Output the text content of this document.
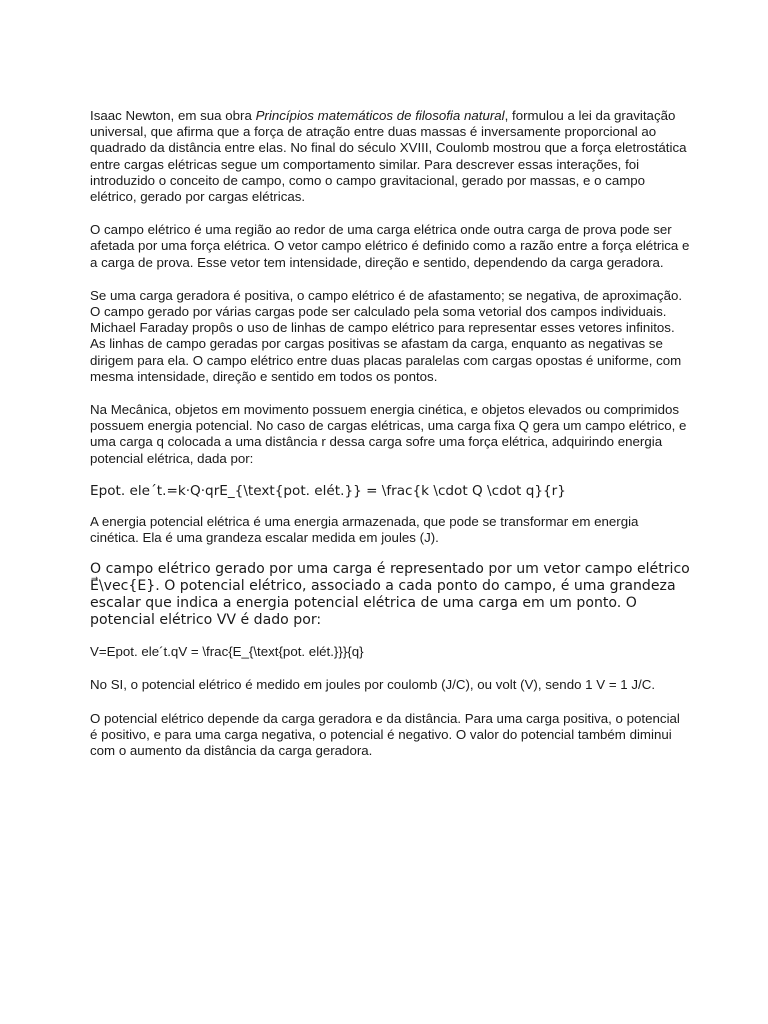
Isaac Newton, em sua obra Princípios matemáticos de filosofia natural, formulou a lei da gravitação universal, que afirma que a força de atração entre duas massas é inversamente proporcional ao quadrado da distância entre elas. No final do século XVIII, Coulomb mostrou que a força eletrostática entre cargas elétricas segue um comportamento similar. Para descrever essas interações, foi introduzido o conceito de campo, como o campo gravitacional, gerado por massas, e o campo elétrico, gerado por cargas elétricas.

O campo elétrico é uma região ao redor de uma carga elétrica onde outra carga de prova pode ser afetada por uma força elétrica. O vetor campo elétrico é definido como a razão entre a força elétrica e a carga de prova. Esse vetor tem intensidade, direção e sentido, dependendo da carga geradora.

Se uma carga geradora é positiva, o campo elétrico é de afastamento; se negativa, de aproximação. O campo gerado por várias cargas pode ser calculado pela soma vetorial dos campos individuais. Michael Faraday propôs o uso de linhas de campo elétrico para representar esses vetores infinitos. As linhas de campo geradas por cargas positivas se afastam da carga, enquanto as negativas se dirigem para ela. O campo elétrico entre duas placas paralelas com cargas opostas é uniforme, com mesma intensidade, direção e sentido em todos os pontos.

Na Mecânica, objetos em movimento possuem energia cinética, e objetos elevados ou comprimidos possuem energia potencial. No caso de cargas elétricas, uma carga fixa Q gera um campo elétrico, e uma carga q colocada a uma distância r dessa carga sofre uma força elétrica, adquirindo energia potencial elétrica, dada por:

Epot. ele´t.=k·Q·qrE_{\text{pot. elét.}} = \frac{k \cdot Q \cdot q}{r}

A energia potencial elétrica é uma energia armazenada, que pode se transformar em energia cinética. Ela é uma grandeza escalar medida em joules (J).

O campo elétrico gerado por uma carga é representado por um vetor campo elétrico E⃗\vec{E}. O potencial elétrico, associado a cada ponto do campo, é uma grandeza escalar que indica a energia potencial elétrica de uma carga em um ponto. O potencial elétrico VV é dado por:

V=Epot. ele´t.qV = \frac{E_{\text{pot. elét.}}}{q}

No SI, o potencial elétrico é medido em joules por coulomb (J/C), ou volt (V), sendo 1 V = 1 J/C.

O potencial elétrico depende da carga geradora e da distância. Para uma carga positiva, o potencial é positivo, e para uma carga negativa, o potencial é negativo. O valor do potencial também diminui com o aumento da distância da carga geradora.
